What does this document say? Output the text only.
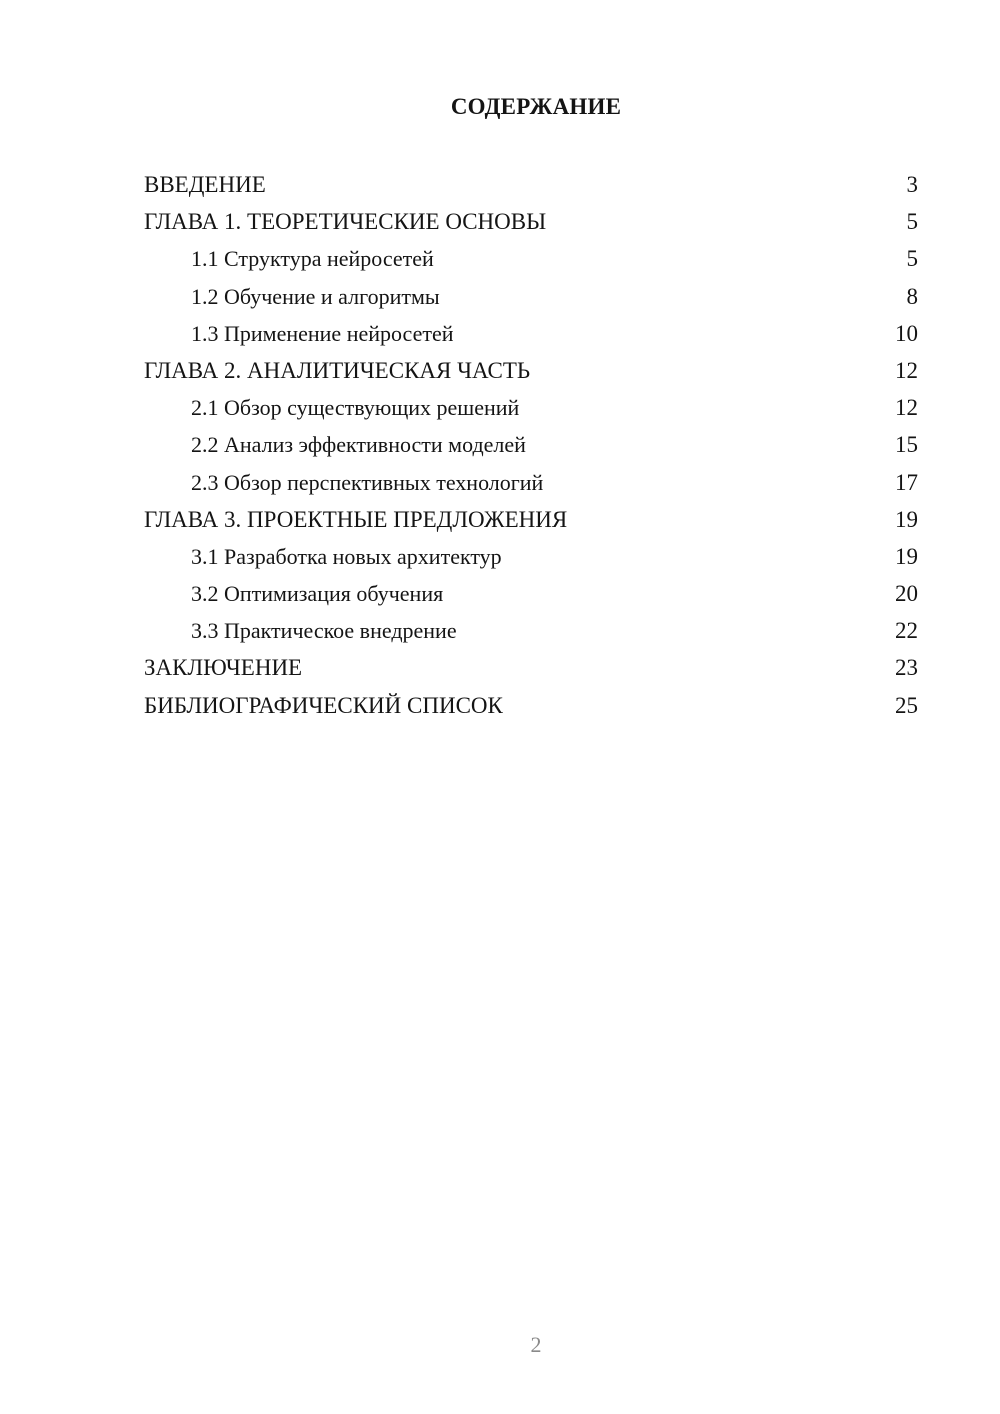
СОДЕРЖАНИЕ
ВВЕДЕНИЕ	3
ГЛАВА 1. ТЕОРЕТИЧЕСКИЕ ОСНОВЫ	5
1.1 Структура нейросетей	5
1.2 Обучение и алгоритмы	8
1.3 Применение нейросетей	10
ГЛАВА 2. АНАЛИТИЧЕСКАЯ ЧАСТЬ	12
2.1 Обзор существующих решений	12
2.2 Анализ эффективности моделей	15
2.3 Обзор перспективных технологий	17
ГЛАВА 3. ПРОЕКТНЫЕ ПРЕДЛОЖЕНИЯ	19
3.1 Разработка новых архитектур	19
3.2 Оптимизация обучения	20
3.3 Практическое внедрение	22
ЗАКЛЮЧЕНИЕ	23
БИБЛИОГРАФИЧЕСКИЙ СПИСОК	25
2
